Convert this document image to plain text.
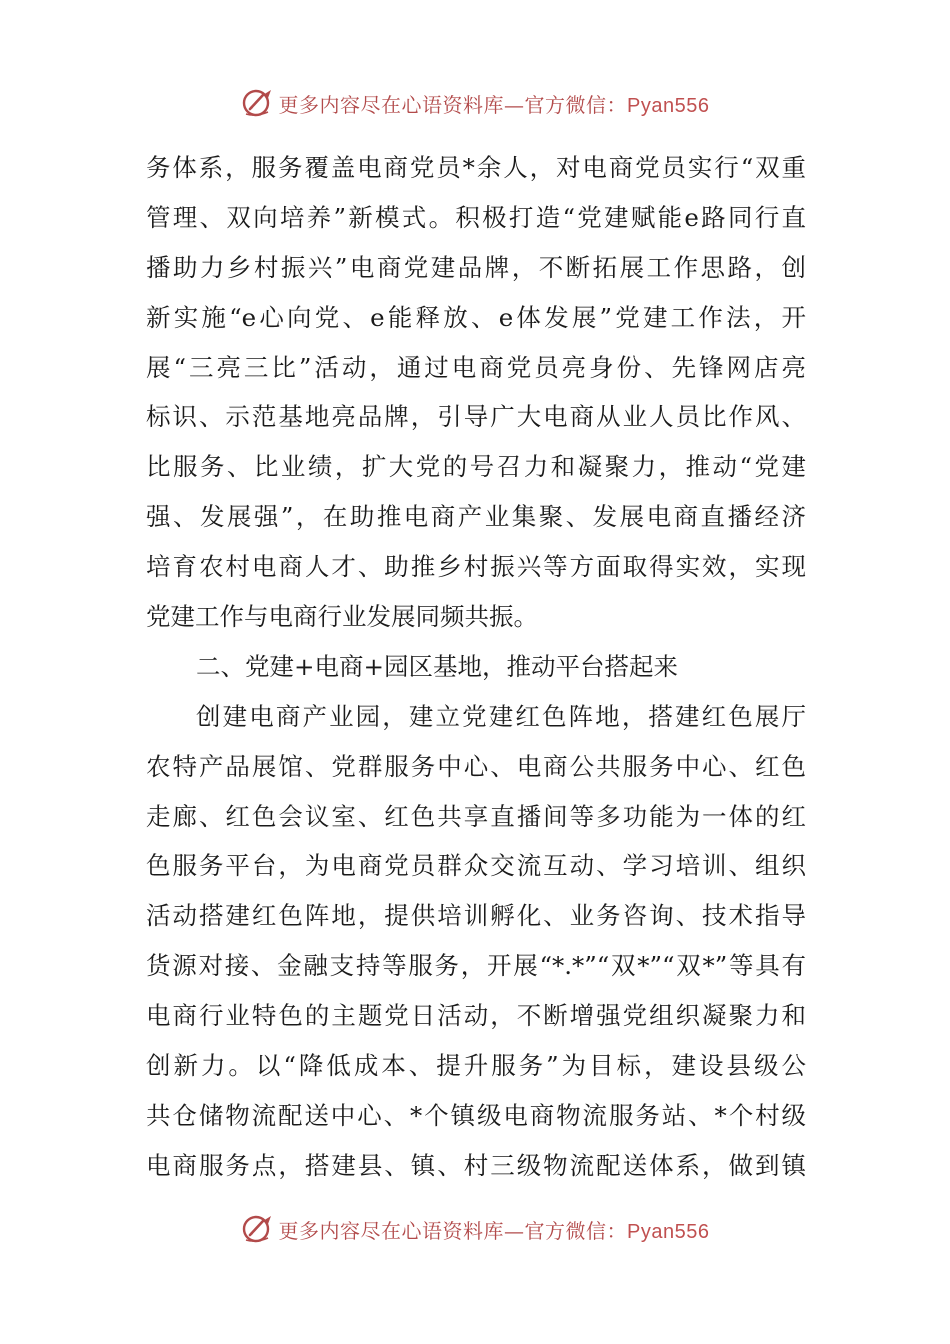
更多内容尽在心语资料库—官方微信：Pyan556
务体系，服务覆盖电商党员*余人，对电商党员实行“双重
管理、双向培养”新模式。积极打造“党建赋能e路同行直
播助力乡村振兴”电商党建品牌，不断拓展工作思路，创
新实施“e心向党、e能释放、e体发展”党建工作法，开
展“三亮三比”活动，通过电商党员亮身份、先锋网店亮
标识、示范基地亮品牌，引导广大电商从业人员比作风、
比服务、比业绩，扩大党的号召力和凝聚力，推动“党建
强、发展强”，在助推电商产业集聚、发展电商直播经济
培育农村电商人才、助推乡村振兴等方面取得实效，实现
党建工作与电商行业发展同频共振。
二、党建+电商+园区基地，推动平台搭起来
创建电商产业园，建立党建红色阵地，搭建红色展厅
农特产品展馆、党群服务中心、电商公共服务中心、红色
走廊、红色会议室、红色共享直播间等多功能为一体的红
色服务平台，为电商党员群众交流互动、学习培训、组织
活动搭建红色阵地，提供培训孵化、业务咨询、技术指导
货源对接、金融支持等服务，开展“*.*”“双*”“双*”等具有
电商行业特色的主题党日活动，不断增强党组织凝聚力和
创新力。以“降低成本、提升服务”为目标，建设县级公
共仓储物流配送中心、*个镇级电商物流服务站、*个村级
电商服务点，搭建县、镇、村三级物流配送体系，做到镇
更多内容尽在心语资料库—官方微信：Pyan556
